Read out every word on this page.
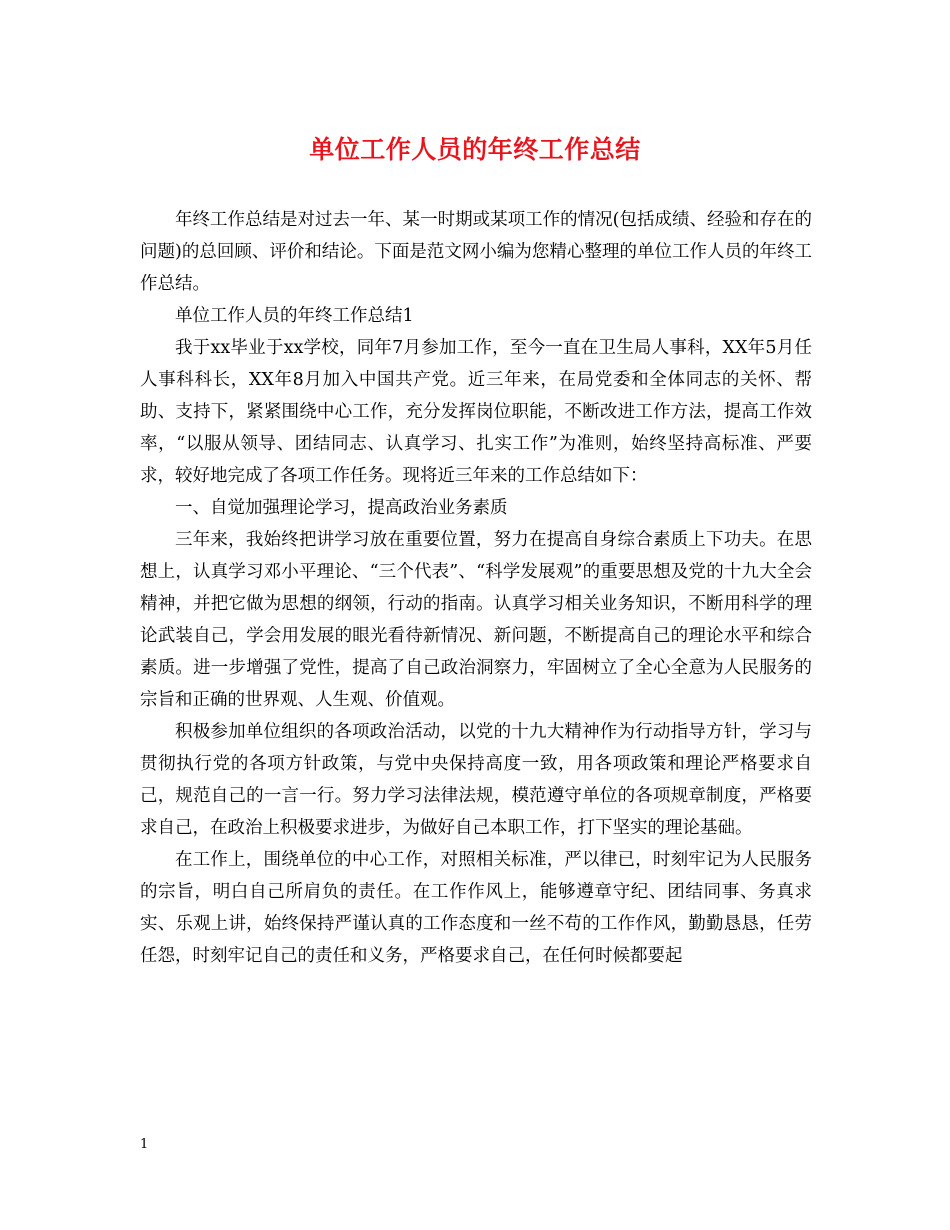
单位工作人员的年终工作总结

年终工作总结是对过去一年、某一时期或某项工作的情况(包括成绩、经验和存在的问题)的总回顾、评价和结论。下面是范文网小编为您精心整理的单位工作人员的年终工作总结。

单位工作人员的年终工作总结1

我于xx毕业于xx学校，同年7月参加工作，至今一直在卫生局人事科，XX年5月任人事科科长，XX年8月加入中国共产党。近三年来，在局党委和全体同志的关怀、帮助、支持下，紧紧围绕中心工作，充分发挥岗位职能，不断改进工作方法，提高工作效率，“以服从领导、团结同志、认真学习、扎实工作”为准则，始终坚持高标准、严要求，较好地完成了各项工作任务。现将近三年来的工作总结如下：

一、自觉加强理论学习，提高政治业务素质

三年来，我始终把讲学习放在重要位置，努力在提高自身综合素质上下功夫。在思想上，认真学习邓小平理论、“三个代表”、“科学发展观”的重要思想及党的十九大全会精神，并把它做为思想的纲领，行动的指南。认真学习相关业务知识，不断用科学的理论武装自己，学会用发展的眼光看待新情况、新问题，不断提高自己的理论水平和综合素质。进一步增强了党性，提高了自己政治洞察力，牢固树立了全心全意为人民服务的宗旨和正确的世界观、人生观、价值观。

积极参加单位组织的各项政治活动，以党的十九大精神作为行动指导方针，学习与贯彻执行党的各项方针政策，与党中央保持高度一致，用各项政策和理论严格要求自己，规范自己的一言一行。努力学习法律法规，模范遵守单位的各项规章制度，严格要求自己，在政治上积极要求进步，为做好自己本职工作，打下坚实的理论基础。

在工作上，围绕单位的中心工作，对照相关标准，严以律已，时刻牢记为人民服务的宗旨，明白自己所肩负的责任。在工作作风上，能够遵章守纪、团结同事、务真求实、乐观上讲，始终保持严谨认真的工作态度和一丝不苟的工作作风，勤勤恳恳，任劳任怨，时刻牢记自己的责任和义务，严格要求自己，在任何时候都要起

1
